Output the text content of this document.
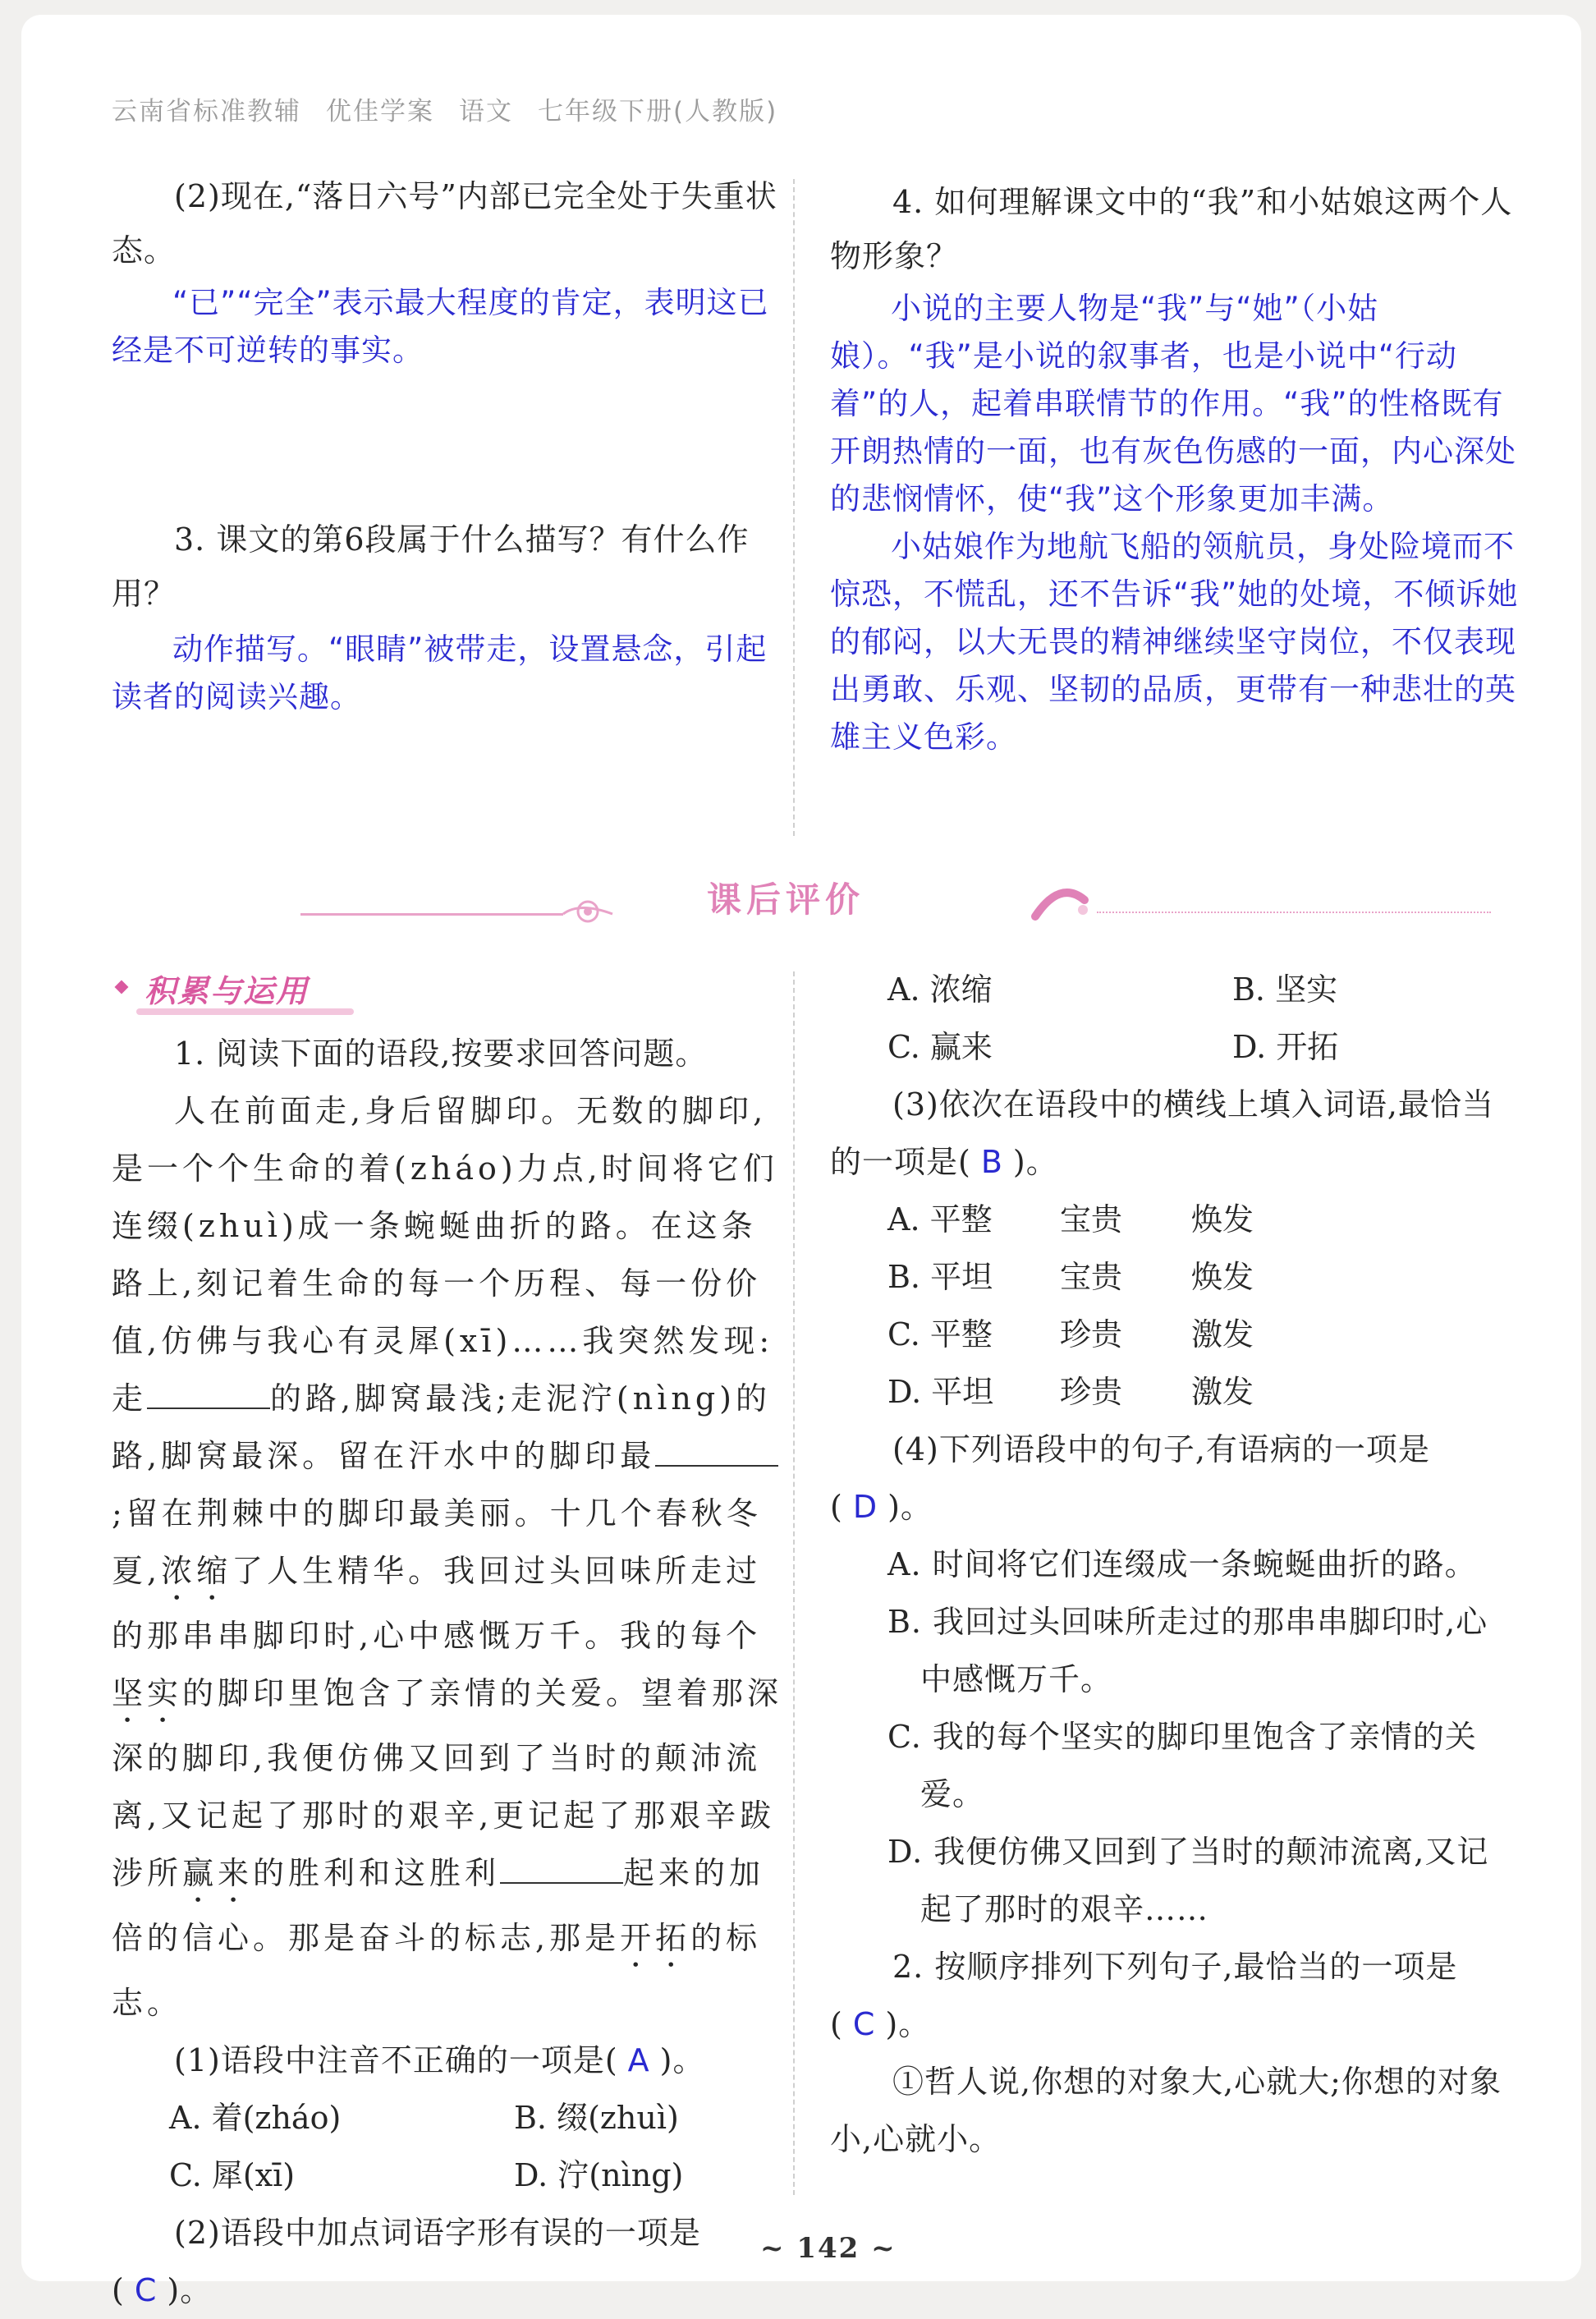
云南省标准教辅 优佳学案 语文 七年级下册(人教版)

(2)现在,“落日六号”内部已完全处于失重状态。

“已”“完全”表示最大程度的肯定，表明这已经是不可逆转的事实。

3. 课文的第6段属于什么描写？有什么作用？

动作描写。“眼睛”被带走，设置悬念，引起读者的阅读兴趣。

4. 如何理解课文中的“我”和小姑娘这两个人物形象？

小说的主要人物是“我”与“她”（小姑娘）。“我”是小说的叙事者，也是小说中“行动着”的人，起着串联情节的作用。“我”的性格既有开朗热情的一面，也有灰色伤感的一面，内心深处的悲悯情怀，使“我”这个形象更加丰满。

小姑娘作为地航飞船的领航员，身处险境而不惊恐，不慌乱，还不告诉“我”她的处境，不倾诉她的郁闷，以大无畏的精神继续坚守岗位，不仅表现出勇敢、乐观、坚韧的品质，更带有一种悲壮的英雄主义色彩。

课后评价
积累与运用

1. 阅读下面的语段,按要求回答问题。

人在前面走,身后留脚印。无数的脚印,是一个个生命的着(zháo)力点,时间将它们连缀(zhuì)成一条蜿蜒曲折的路。在这条路上,刻记着生命的每一个历程、每一份价值,仿佛与我心有灵犀(xī)……我突然发现:走	的路,脚窝最浅;走泥泞(nìng)的路,脚窝最深。留在汗水中的脚印最;留在荆棘中的脚印最美丽。十几个春秋冬夏,浓缩了人生精华。我回过头回味所走过的那串串脚印时,心中感慨万千。我的每个坚实的脚印里饱含了亲情的关爱。望着那深深的脚印,我便仿佛又回到了当时的颠沛流离,又记起了那时的艰辛,更记起了那艰辛跋涉所赢来的胜利和这胜利	起来的加倍的信心。那是奋斗的标志,那是开拓的标志。

(1)语段中注音不正确的一项是( A )。

A. 着(zháo)	B. 缀(zhuì)
C. 犀(xī)	D. 泞(nìng)

(2)语段中加点词语字形有误的一项是( C )。

A. 浓缩	B. 坚实
C. 赢来	D. 开拓

(3)依次在语段中的横线上填入词语,最恰当的一项是( B )。

A. 平整	宝贵	焕发
B. 平坦	宝贵	焕发
C. 平整	珍贵	激发
D. 平坦	珍贵	激发

(4)下列语段中的句子,有语病的一项是( D )。

A. 时间将它们连缀成一条蜿蜒曲折的路。

B. 我回过头回味所走过的那串串脚印时,心中感慨万千。

C. 我的每个坚实的脚印里饱含了亲情的关爱。

D. 我便仿佛又回到了当时的颠沛流离,又记起了那时的艰辛……

2. 按顺序排列下列句子,最恰当的一项是( C )。

①哲人说,你想的对象大,心就大;你想的对象小,心就小。

~ 142 ~
